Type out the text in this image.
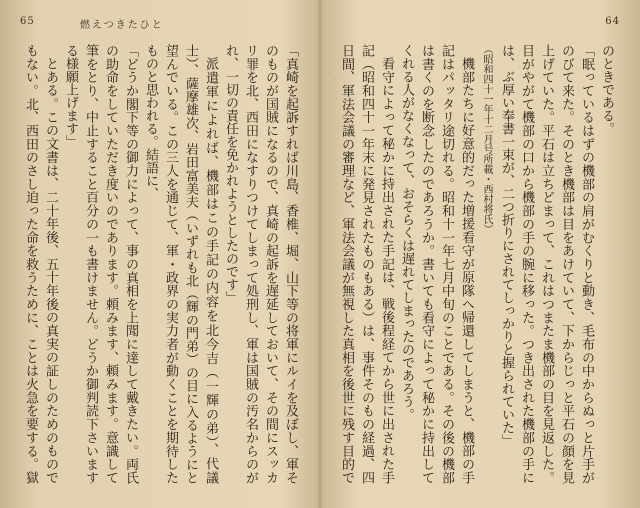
65	燃えつきたひと

「真崎を起訴すれば川島、香椎、堀、山下等の将軍にルイを及ぼし、軍そのものが国賊になるので、真崎の起訴を遅延しておいて、その間にスッカリ罪を北、西田になすりつけてしまって処刑し、軍は国賊の汚名からのがれ、一切の責任を免かれようとしたのです」

派遣軍によれば、機部はこの手記の内容を北今吉（一輝の弟）、代議士）、薩摩雄次、岩田富美夫（いずれも北（輝の門弟）の目に入るようにと望んでいる。この三人を通じて、軍・政界の実力者が動くことを期待したものと思われる。結語に、

「どうか閣下等の御力によって、事の真相を上聞に達して戴きたい。両氏の助命をしていただき度いのであります。頼みます、頼みます。意識して筆をとり、中止すること百分の一も書けません。どうか御判読下さいまする様願上げます」

とある。この文書は、二十年後、五十年後の真実の証しのためのものでもない。北、西田のさし迫った命を救うために、ことは火急を要する。獄

64

のときである。

「眠っているはずの機部の肩がむくりと動き、毛布の中からぬっと片手がのびて来た。そのとき機部は目をあけていて、下からじっと平石の顔を見上げていた。平石は立ちどまって、これはつまたま機部の目を見返した。目がやがて機部の口から機部の手の腕に移った。つき出された機部の手には、ぶ厚い奉書一束が、二つ折りにされてしっかりと握られていた」

（昭和四十一年十二月号所載・西村将氏）

機部たちに好意的だった増援看守が原隊へ帰還してしまうと、機部の手記はパッタリ途切れる。昭和十一年七月中旬のことである。その後の機部は書くのを断念したのであろうか。書いても看守によって秘かに持出してくれる人がなくなって、おそらくは遅れてしまったのであろう。

看守によって秘かに持出された手記は、戦後程経てから世に出された手記（昭和四十一年末に発見されたものもある）は、事件そのもの経過、四日間、軍法会議の審理など、軍法会議が無視した真相を後世に残す目的で
